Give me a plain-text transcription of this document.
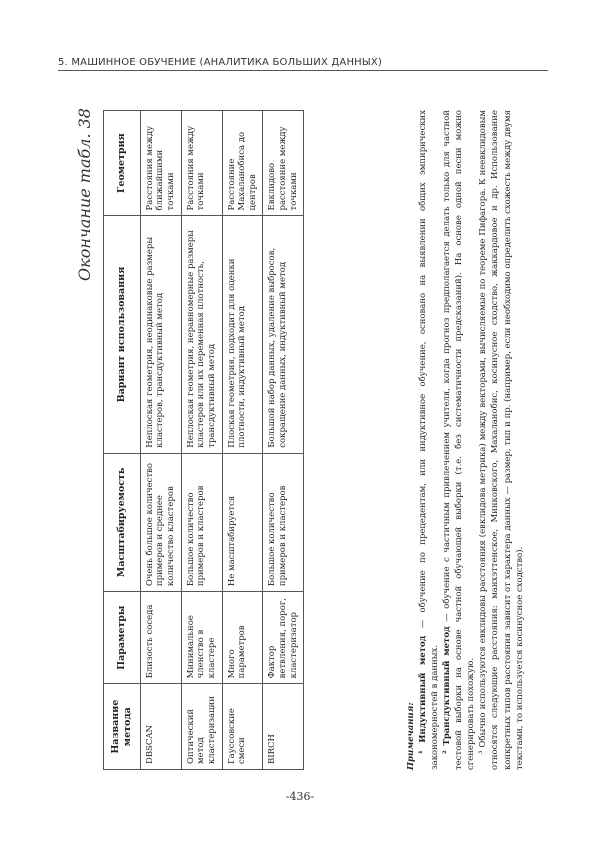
5. МАШИННОЕ ОБУЧЕНИЕ (АНАЛИТИКА БОЛЬШИХ ДАННЫХ)
Окончание табл. 38
Название метода	Параметры	Масштабируемость	Вариант использования	Геометрия
DBSCAN	Близость соседа	Очень большое количество примеров и среднее количество кластеров	Неплоская геометрия, неодинаковые размеры кластеров, трансдуктивный метод	Расстояния между ближайшими точками
Оптический метод кластеризации	Минимальное членство в кластере	Большое количество примеров и кластеров	Неплоская геометрия, неравномерные размеры кластеров или их переменная плотность, трансдуктивный метод	Расстояния между точками
Гауссовские смеси	Много параметров	Не масштабируется	Плоская геометрия, подходит для оценки плотности, индуктивный метод	Расстояние Махаланобиса до центров
BIRCH	Фактор ветвления, порог, кластеризатор	Большое количество примеров и кластеров	Большой набор данных, удаление выбросов, сокращение данных, индуктивный метод	Евклидово расстояние между точками

Примечания: ¹ Индуктивный метод — обучение по прецедентам, или индуктивное обучение, основано на выявлении общих эмпирических закономерностей в данных. ² Трансдуктивный метод — обучение с частичным привлечением учителя, когда прогноз предполагается делать только для частной тестовой выборки на основе частной обучающей выборки (т.е. без систематичности предсказаний). На основе одной песни можно сгенерировать похожую. ³ Обычно используются евклидовы расстояния (евклидова метрика) между векторами, вычисляемые по теореме Пифагора. К неевклидовым относятся следующие расстояния: манхэттенское, Минковского, Махаланобис, косинусное сходство, жаккардовое и др. Использование конкретных типов расстояния зависит от характера данных — размер, тип и пр. (например, если необходимо определить схожесть между двумя текстами, то используется косинусное сходство).

-436-
